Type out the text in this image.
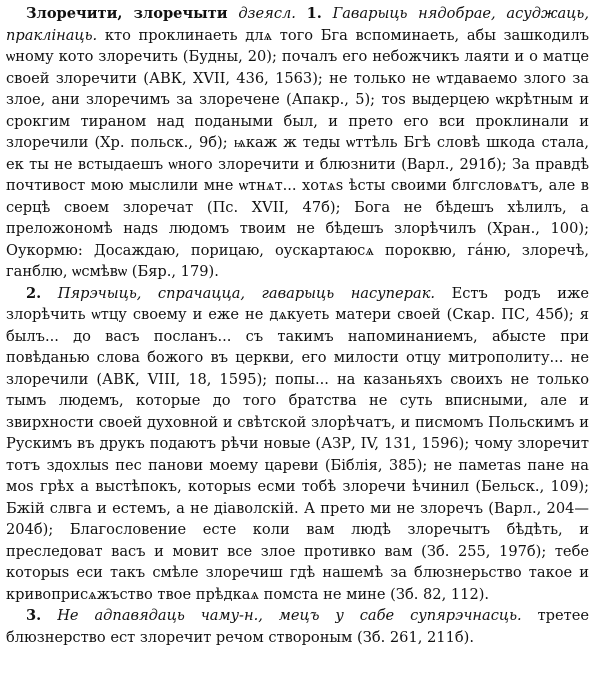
Злоречити, злоречыти дзеясл. 1. Гаварыць нядобрае, асуджаць, праклінаць. кто проклинаеть длѧ того Бга вспоминаеть, абы зашкодилъ ѡному кото злоречить (Будны, 20); почалъ его небожчикъ лаяти и о матце своей злоречити (АВК, XVII, 436, 1563); не только не ѡтдаваемо злого за злое, ани злоречимъ за злоречене (Апакр., 5); тоѕ выдерцею ѡкрѣтным и срокгим тираном над подаными был, и прето его вси проклинали и злоречили (Хр. польск., 9б); ѩкаж ж теды ѡттѣль Бгѣ словѣ шкода стала, ек ты не встыдаешъ ѡного злоречити и блюзнити (Варл., 291б); За правдѣ почтивост мою мыслили мне ѡтнѧт... хотѧѕ ѣсты своими блгсловѧтъ, але в серцѣ своем злоречат (Пс. XVII, 47б); Бога не бѣдешъ хѣлилъ, а преложономѣ надѕ людомъ твоим не бѣдешъ злорѣчилъ (Хран., 100); Оукормю: Досаждаю, порицаю, оускартаюсѧ пороквю, гáню, злоречѣ, ганблю, ѡсмѣвѡ (Бяр., 179).

2. Пярэчыць, спрачацца, гаварыць насуперак. Естъ родъ иже злорѣчить ѡтцу своему и еже не дѧкуеть матери своей (Скар. ПС, 45б); я былъ... до васъ посланъ... съ такимъ напоминаниемъ, абысте при повѣданью слова божого въ церкви, его милости отцу митрополиту... не злоречили (АВК, VIII, 18, 1595); попы... на казаньяхъ своихъ не только тымъ людемъ, которые до того братства не суть вписными, але и звирхности своей духовной и свѣтской злорѣчатъ, и писмомъ Польскимъ и Рускимъ въ друкъ подаютъ рѣчи новые (АЗР, IV, 131, 1596); чому злоречит тотъ здохлыѕ пес панови моему цареви (Біблія, 385); не паметаѕ пане на моѕ грѣх а выстѣпокъ, которыѕ есми тобѣ злоречи ѣчинил (Бельск., 109); Бжій слвга и естемъ, а не діаволскій. А прето ми не злоречъ (Варл., 204—204б); Благословение есте коли вам людѣ злоречытъ бѣдѣть, и преследоват васъ и мовит все злое противко вам (Зб. 255, 197б); тебе которыѕ еси такъ смѣле злоречиш гдѣ нашемѣ за блюзнерьство такое и кривоприсѧжъство твое прѣдкаѧ помста не мине (Зб. 82, 112).

3. Не адпавядаць чаму-н., мецъ у сабе супярэчнасць. третее блюзнерство ест злоречит речом створоным (Зб. 261, 211б).
